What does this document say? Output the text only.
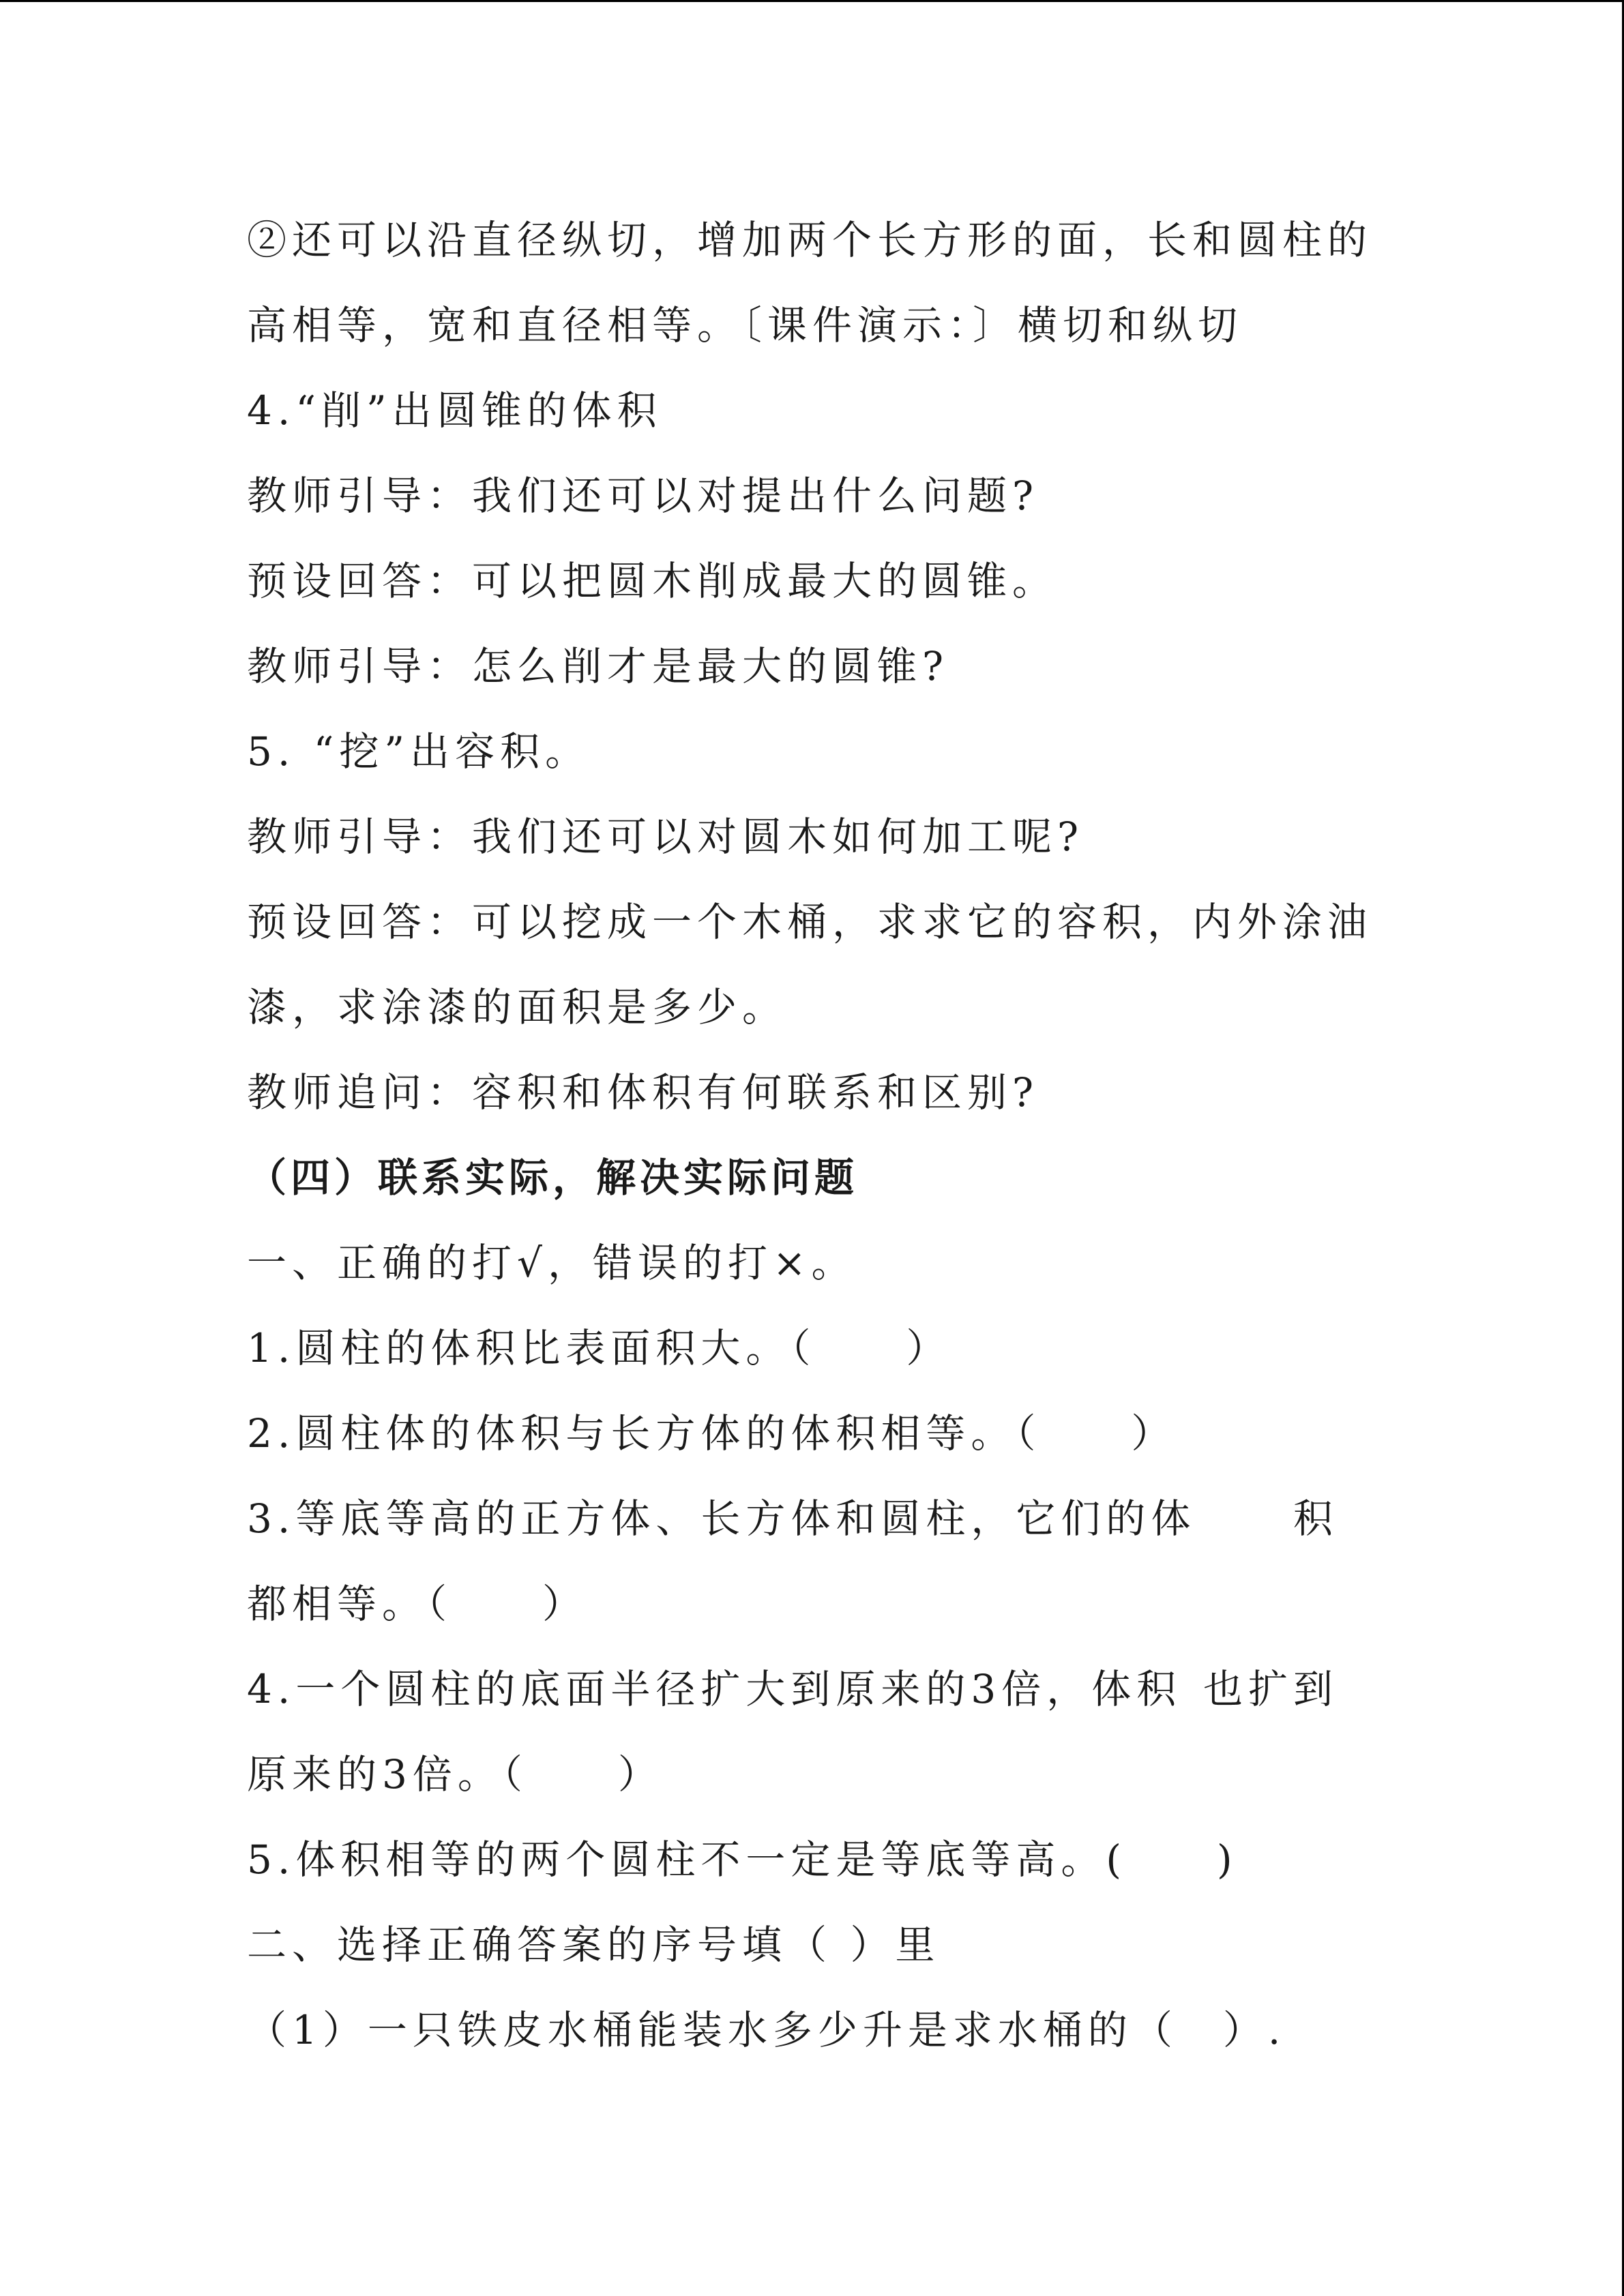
②还可以沿直径纵切，增加两个长方形的面，长和圆柱的
高相等，宽和直径相等。〔课件演示：〕横切和纵切
4.“削”出圆锥的体积
教师引导：我们还可以对提出什么问题?
预设回答：可以把圆木削成最大的圆锥。
教师引导：怎么削才是最大的圆锥?
5. “挖”出容积。
教师引导：我们还可以对圆木如何加工呢?
预设回答：可以挖成一个木桶，求求它的容积，内外涂油
漆，求涂漆的面积是多少。
教师追问：容积和体积有何联系和区别?
（四）联系实际，解决实际问题
一、正确的打√，错误的打×。
1.圆柱的体积比表面积大。（　　）
2.圆柱体的体积与长方体的体积相等。（　　）
3.等底等高的正方体、长方体和圆柱，它们的体 积
都相等。（　　）
4.一个圆柱的底面半径扩大到原来的3倍，体积 也扩到
原来的3倍。（　　）
5.体积相等的两个圆柱不一定是等底等高。(　　)
二、选择正确答案的序号填（ ）里
（1）一只铁皮水桶能装水多少升是求水桶的（　）.
